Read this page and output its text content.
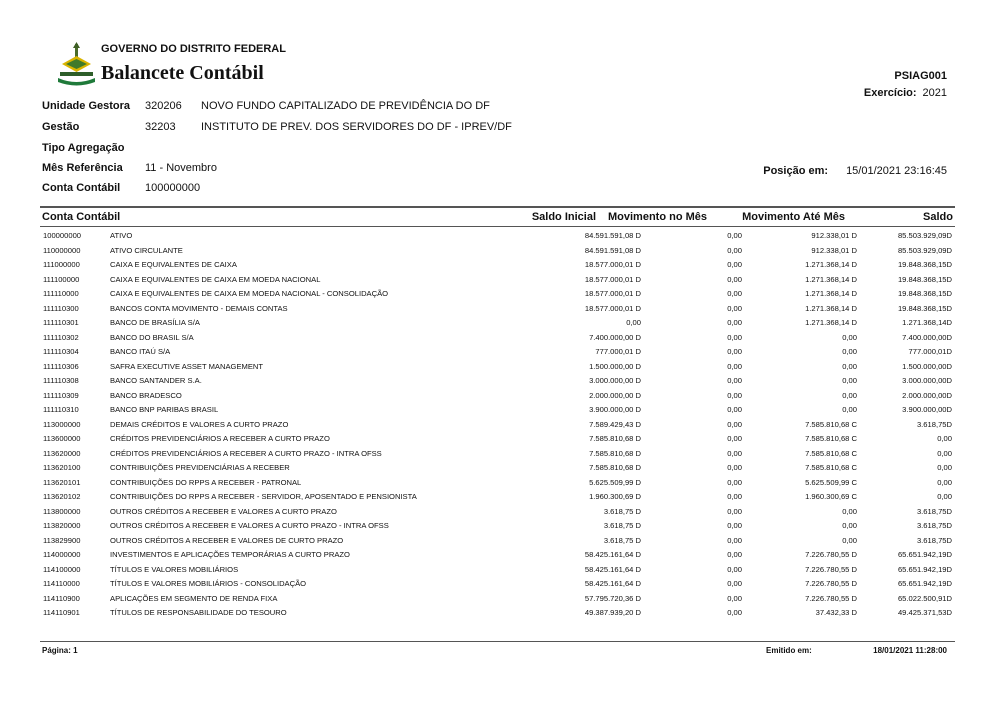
GOVERNO DO DISTRITO FEDERAL
Balancete Contábil	PSIAG001
Exercício: 2021
Unidade Gestora 320206 NOVO FUNDO CAPITALIZADO DE PREVIDÊNCIA DO DF
Gestão	32203 INSTITUTO DE PREV. DOS SERVIDORES DO DF - IPREV/DF
Tipo Agregação
Mês Referência 11 - Novembro
Conta Contábil 100000000
Posição em: 15/01/2021 23:16:45
Conta Contábil	Saldo Inicial Movimento no Mês	Movimento Até Mês	Saldo
100000000	ATIVO	84.591.591,08 D	0,00	912.338,01 D	85.503.929,09D
110000000	ATIVO CIRCULANTE	84.591.591,08 D	0,00	912.338,01 D	85.503.929,09D
111000000	CAIXA E EQUIVALENTES DE CAIXA	18.577.000,01 D	0,00	1.271.368,14 D	19.848.368,15D
111100000	CAIXA E EQUIVALENTES DE CAIXA EM MOEDA NACIONAL	18.577.000,01 D	0,00	1.271.368,14 D	19.848.368,15D
111110000	CAIXA E EQUIVALENTES DE CAIXA EM MOEDA NACIONAL - CONSOLIDAÇÃO	18.577.000,01 D	0,00	1.271.368,14 D	19.848.368,15D
111110300	BANCOS CONTA MOVIMENTO - DEMAIS CONTAS	18.577.000,01 D	0,00	1.271.368,14 D	19.848.368,15D
111110301	BANCO DE BRASÍLIA S/A	0,00	0,00	1.271.368,14 D	1.271.368,14D
111110302	BANCO DO BRASIL S/A	7.400.000,00 D	0,00	0,00	7.400.000,00D
111110304	BANCO ITAÚ S/A	777.000,01 D	0,00	0,00	777.000,01D
111110306	SAFRA EXECUTIVE ASSET MANAGEMENT	1.500.000,00 D	0,00	0,00	1.500.000,00D
111110308	BANCO SANTANDER S.A.	3.000.000,00 D	0,00	0,00	3.000.000,00D
111110309	BANCO BRADESCO	2.000.000,00 D	0,00	0,00	2.000.000,00D
111110310	BANCO BNP PARIBAS BRASIL	3.900.000,00 D	0,00	0,00	3.900.000,00D
113000000	DEMAIS CRÉDITOS E VALORES A CURTO PRAZO	7.589.429,43 D	0,00	7.585.810,68 C	3.618,75D
113600000	CRÉDITOS PREVIDENCIÁRIOS A RECEBER A CURTO PRAZO	7.585.810,68 D	0,00	7.585.810,68 C	0,00
113620000	CRÉDITOS PREVIDENCIÁRIOS A RECEBER A CURTO PRAZO - INTRA OFSS	7.585.810,68 D	0,00	7.585.810,68 C	0,00
113620100	CONTRIBUIÇÕES PREVIDENCIÁRIAS A RECEBER	7.585.810,68 D	0,00	7.585.810,68 C	0,00
113620101	CONTRIBUIÇÕES DO RPPS A RECEBER - PATRONAL	5.625.509,99 D	0,00	5.625.509,99 C	0,00
113620102	CONTRIBUIÇÕES DO RPPS A RECEBER - SERVIDOR, APOSENTADO E PENSIONISTA	1.960.300,69 D	0,00	1.960.300,69 C	0,00
113800000	OUTROS CRÉDITOS A RECEBER E VALORES A CURTO PRAZO	3.618,75 D	0,00	0,00	3.618,75D
113820000	OUTROS CRÉDITOS A RECEBER E VALORES A CURTO PRAZO - INTRA OFSS	3.618,75 D	0,00	0,00	3.618,75D
113829900	OUTROS CRÉDITOS A RECEBER E VALORES DE CURTO PRAZO	3.618,75 D	0,00	0,00	3.618,75D
114000000	INVESTIMENTOS E APLICAÇÕES TEMPORÁRIAS A CURTO PRAZO	58.425.161,64 D	0,00	7.226.780,55 D	65.651.942,19D
114100000	TÍTULOS E VALORES MOBILIÁRIOS	58.425.161,64 D	0,00	7.226.780,55 D	65.651.942,19D
114110000	TÍTULOS E VALORES MOBILIÁRIOS - CONSOLIDAÇÃO	58.425.161,64 D	0,00	7.226.780,55 D	65.651.942,19D
114110900	APLICAÇÕES EM SEGMENTO DE RENDA FIXA	57.795.720,36 D	0,00	7.226.780,55 D	65.022.500,91D
114110901	TÍTULOS DE RESPONSABILIDADE DO TESOURO	49.387.939,20 D	0,00	37.432,33 D	49.425.371,53D
Página: 1	Emitido em:	18/01/2021 11:28:00
